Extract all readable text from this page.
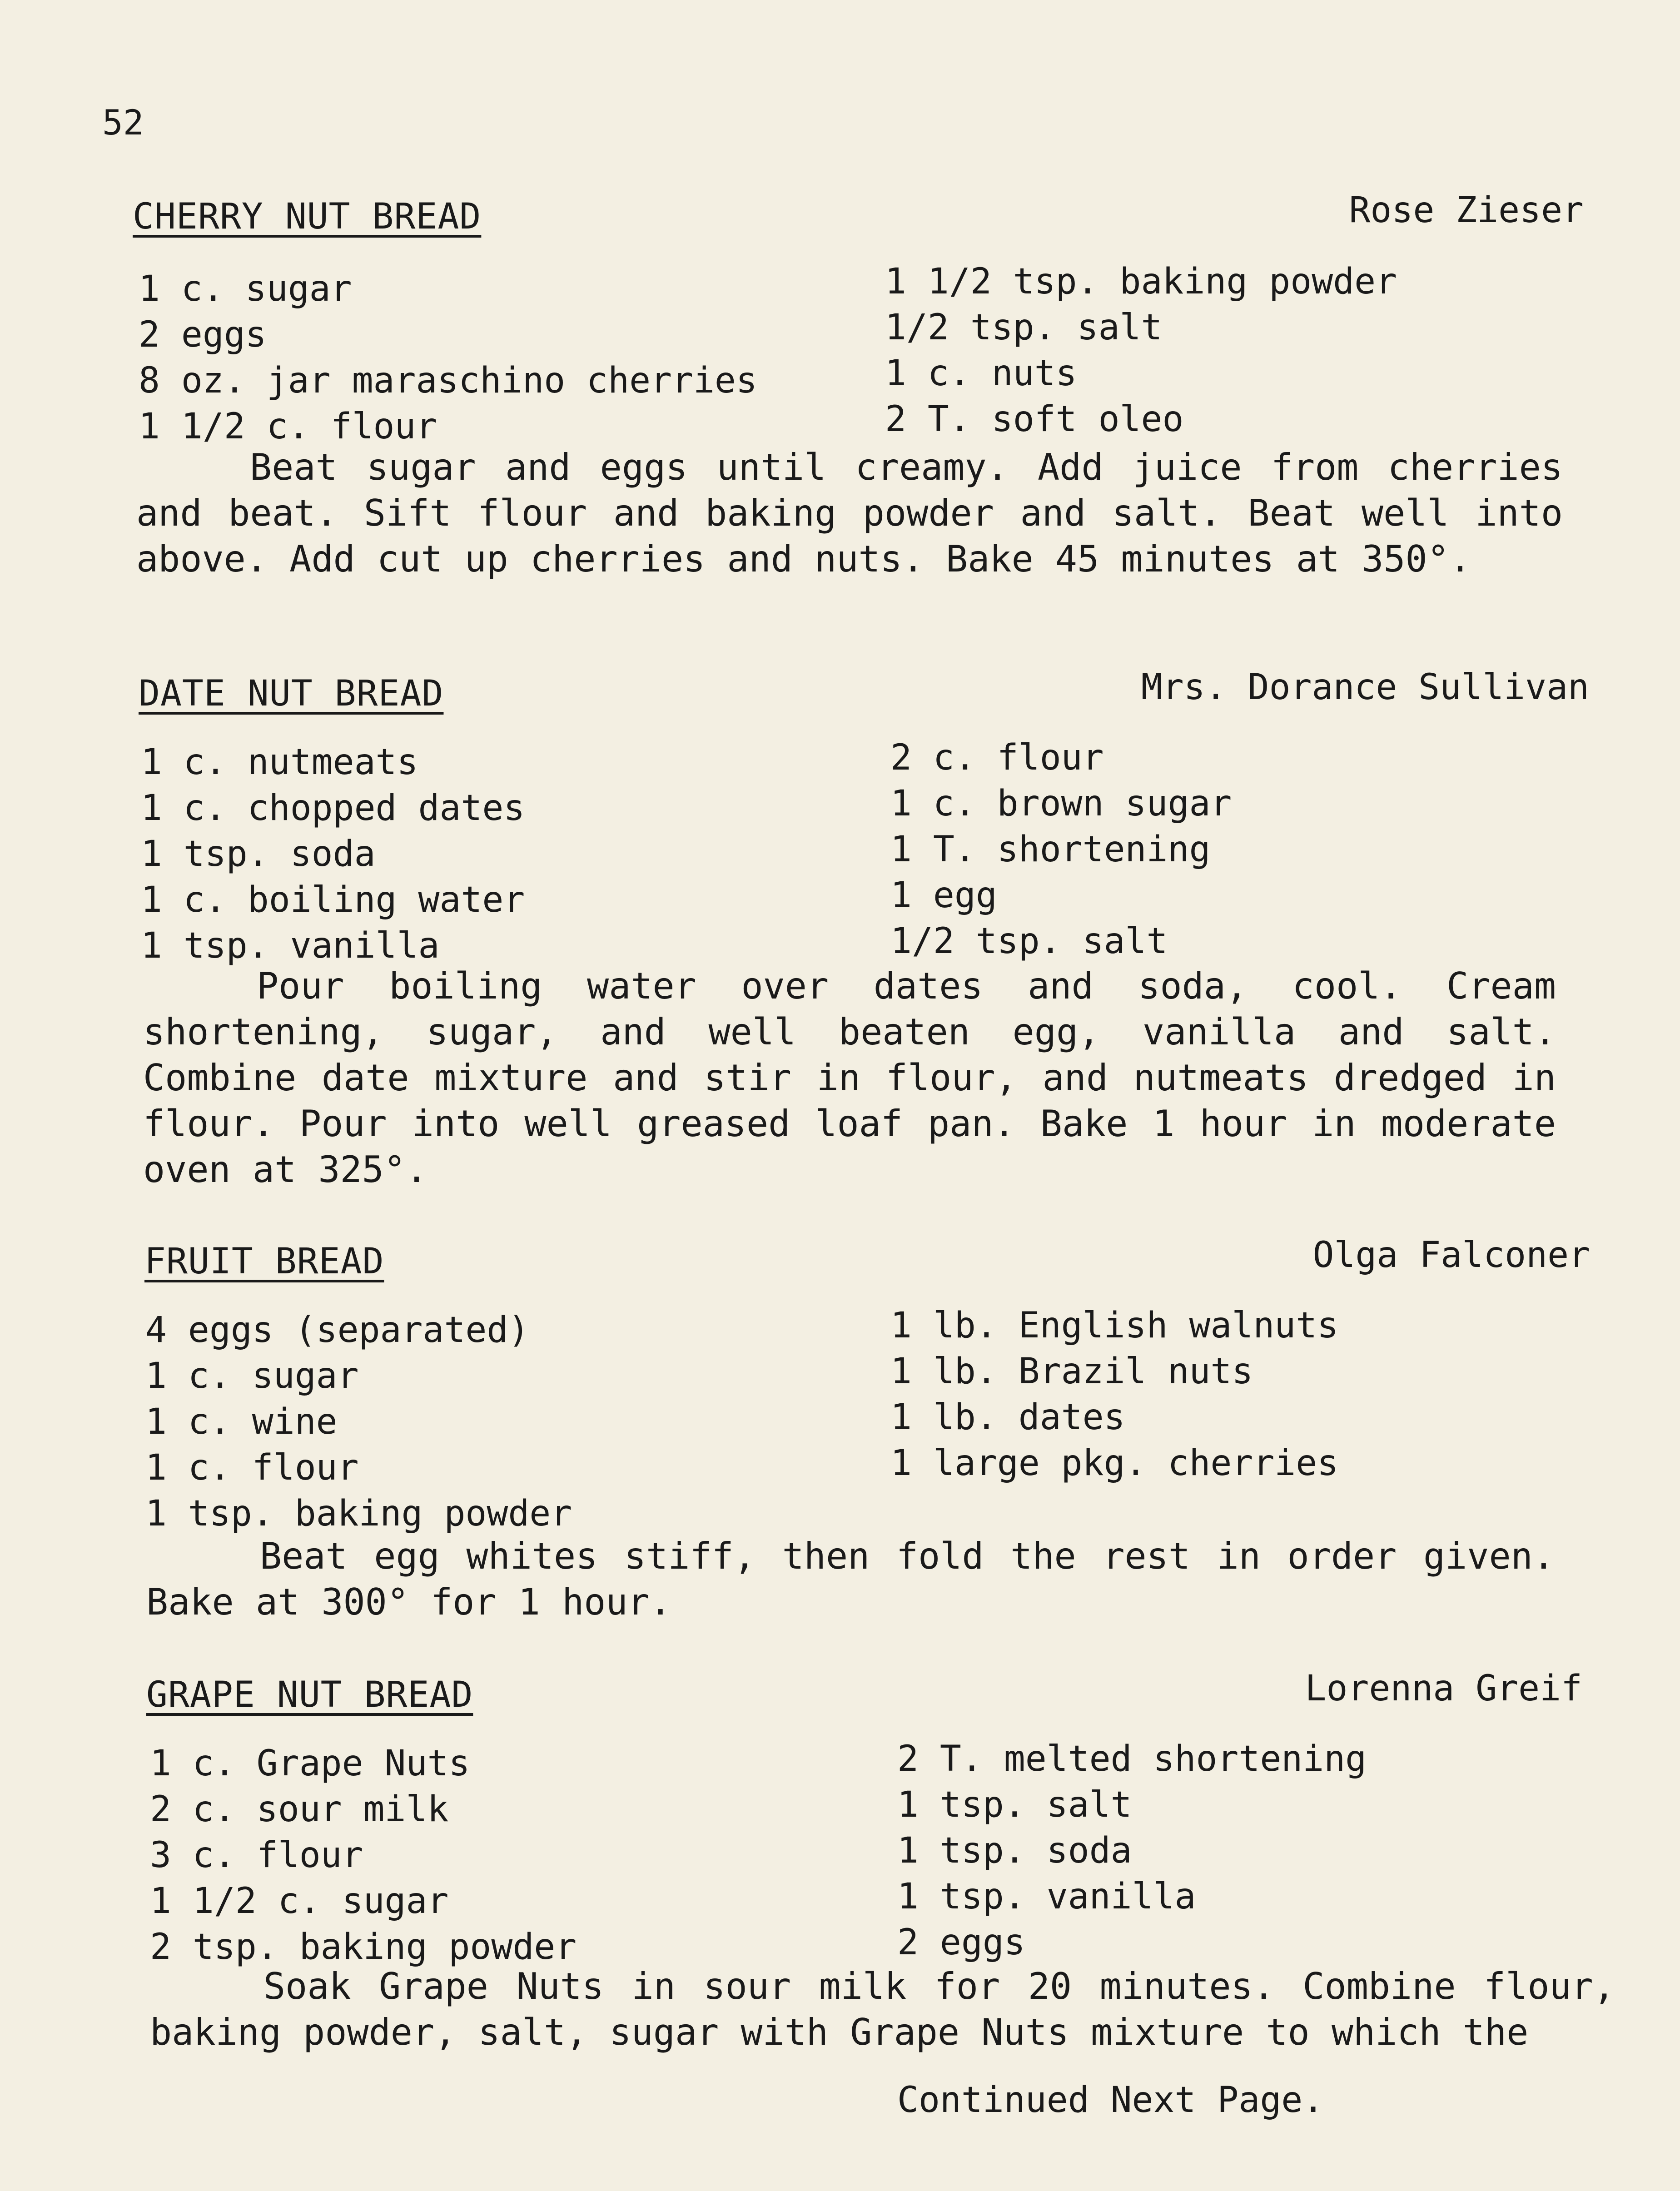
52
CHERRY NUT BREAD	Rose Zieser
1 c. sugar
2 eggs
8 oz. jar maraschino cherries
1 1/2 c. flour
1 1/2 tsp. baking powder
1/2 tsp. salt
1 c. nuts
2 T. soft oleo
Beat sugar and eggs until creamy. Add juice from cherries and beat. Sift flour and baking powder and salt. Beat well into above. Add cut up cherries and nuts. Bake 45 minutes at 350°.
DATE NUT BREAD	Mrs. Dorance Sullivan
1 c. nutmeats
1 c. chopped dates
1 tsp. soda
1 c. boiling water
1 tsp. vanilla
2 c. flour
1 c. brown sugar
1 T. shortening
1 egg
1/2 tsp. salt
Pour boiling water over dates and soda, cool. Cream shortening, sugar, and well beaten egg, vanilla and salt. Combine date mixture and stir in flour, and nutmeats dredged in flour. Pour into well greased loaf pan. Bake 1 hour in moderate oven at 325°.
FRUIT BREAD	Olga Falconer
4 eggs (separated)
1 c. sugar
1 c. wine
1 c. flour
1 tsp. baking powder
1 lb. English walnuts
1 lb. Brazil nuts
1 lb. dates
1 large pkg. cherries
Beat egg whites stiff, then fold the rest in order given. Bake at 300° for 1 hour.
GRAPE NUT BREAD	Lorenna Greif
1 c. Grape Nuts
2 c. sour milk
3 c. flour
1 1/2 c. sugar
2 tsp. baking powder
2 T. melted shortening
1 tsp. salt
1 tsp. soda
1 tsp. vanilla
2 eggs
Soak Grape Nuts in sour milk for 20 minutes. Combine flour, baking powder, salt, sugar with Grape Nuts mixture to which the
Continued Next Page.
